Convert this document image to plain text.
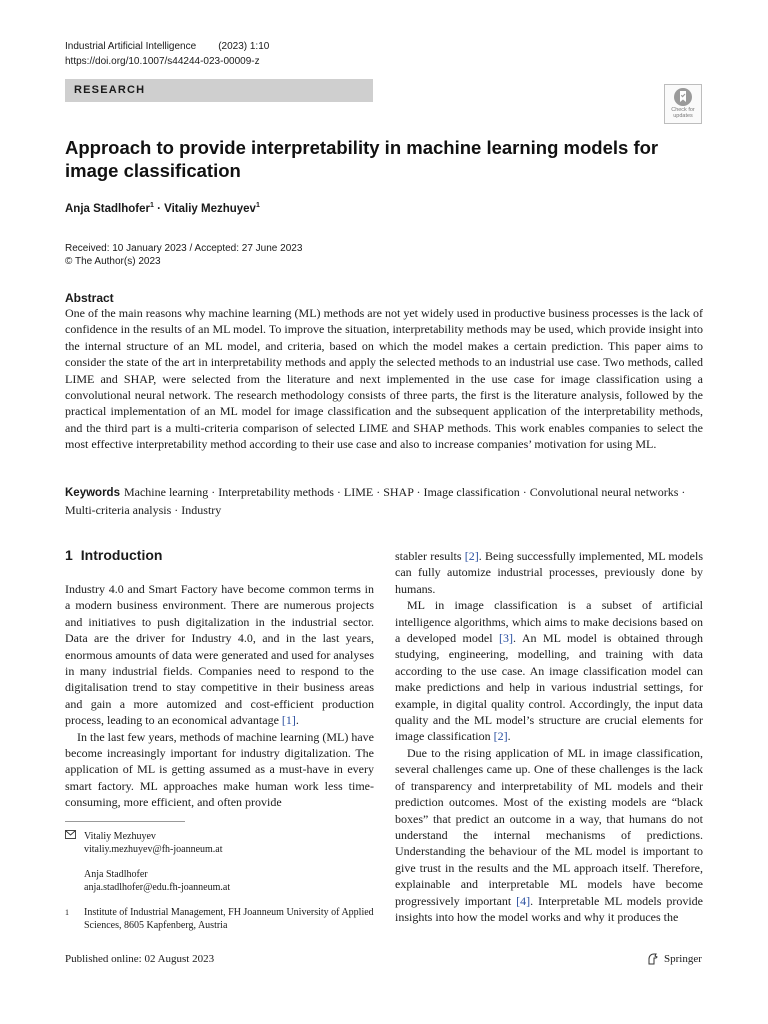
Industrial Artificial Intelligence (2023) 1:10
https://doi.org/10.1007/s44244-023-00009-z
RESEARCH
Check for
updates
Approach to provide interpretability in machine learning models for image classification
Anja Stadlhofer$^1$ · Vitaliy Mezhuyev$^1$
Received: 10 January 2023 / Accepted: 27 June 2023
© The Author(s) 2023
Abstract
One of the main reasons why machine learning (ML) methods are not yet widely used in productive business processes is the lack of confidence in the results of an ML model. To improve the situation, interpretability methods may be used, which provide insight into the internal structure of an ML model, and criteria, based on which the model makes a certain prediction. This paper aims to consider the state of the art in interpretability methods and apply the selected methods to an industrial use case. Two methods, called LIME and SHAP, were selected from the literature and next implemented in the use case for image classification using a convolutional neural network. The research methodology consists of three parts, the first is the literature analysis, followed by the practical implementation of an ML model for image classification and the subsequent application of the interpretability methods, and the third part is a multi-criteria comparison of selected LIME and SHAP methods. This work enables companies to select the most effective interpretability method according to their use case and also to increase companies’ motivation for using ML.
Keywords Machine learning · Interpretability methods · LIME · SHAP · Image classification · Convolutional neural networks · Multi-criteria analysis · Industry
1 Introduction

Industry 4.0 and Smart Factory have become common terms in a modern business environment. There are numerous projects and initiatives to push digitalization in the industrial sector. Data are the driver for Industry 4.0, and in the last years, enormous amounts of data were generated and used for analyses in many industrial fields. Companies need to respond to the digitalisation trend to stay competitive in their business areas and gain a more automized and cost-efficient production process, leading to an economical advantage [1].

In the last few years, methods of machine learning (ML) have become increasingly important for industry digitalization. The application of ML is getting assumed as a must-have in every smart factory. ML approaches make human work less time-consuming, more efficient, and often provide

stabler results [2]. Being successfully implemented, ML models can fully automize industrial processes, previously done by humans.

ML in image classification is a subset of artificial intelligence algorithms, which aims to make decisions based on a developed model [3]. An ML model is obtained through studying, engineering, modelling, and training with data according to the use case. An image classification model can make predictions and help in various industrial settings, for example, in digital quality control. Accordingly, the input data quality and the ML model’s structure are crucial elements for image classification [2].

Due to the rising application of ML in image classification, several challenges came up. One of these challenges is the lack of transparency and interpretability of ML models and their prediction outcomes. Most of the existing models are “black boxes” that predict an outcome in a way, that humans do not understand the internal mechanisms of predictions. Understanding the behaviour of the ML model is important to give trust in the results and the ML approach itself. Therefore, explainable and interpretable ML models have become progressively important [4]. Interpretable ML models provide insights into how the model works and why it produces the

Vitaliy Mezhuyev
vitaliy.mezhuyev@fh-joanneum.at
Anja Stadlhofer
anja.stadlhofer@edu.fh-joanneum.at
1	Institute of Industrial Management, FH Joanneum University of Applied Sciences, 8605 Kapfenberg, Austria
Published online: 02 August 2023	Springer
